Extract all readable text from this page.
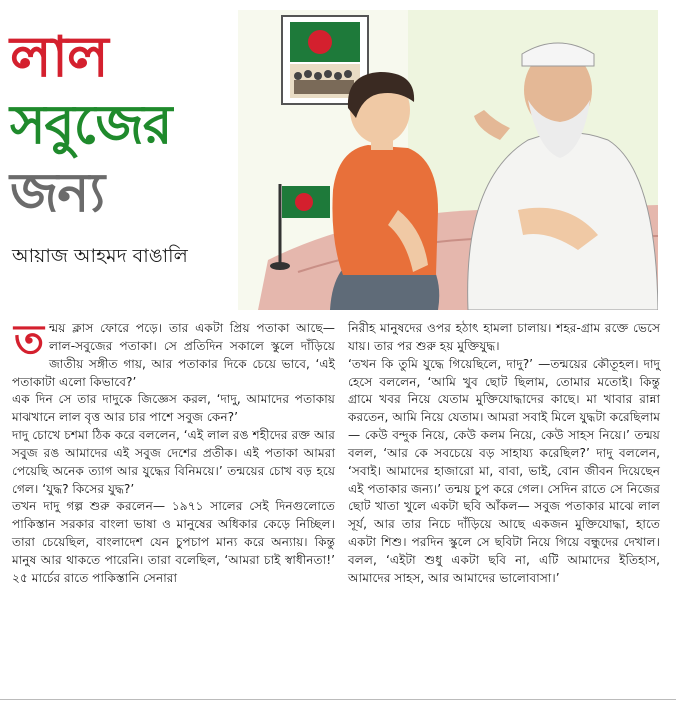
লাল
সবুজের
জন্য
আয়াজ আহমদ বাঙালি
ত ন্ময় ক্লাস ফোরে পড়ে। তার একটা প্রিয় পতাকা আছে— লাল-সবুজের পতাকা। সে প্রতিদিন সকালে স্কুলে দাঁড়িয়ে জাতীয় সঙ্গীত গায়, আর পতাকার দিকে চেয়ে ভাবে, ‘এই পতাকাটা এলো কিভাবে?’

এক দিন সে তার দাদুকে জিজ্ঞেস করল, ‘দাদু, আমাদের পতাকায় মাঝখানে লাল বৃত্ত আর চার পাশে সবুজ কেন?’

দাদু চোখে চশমা ঠিক করে বললেন, ‘এই লাল রঙ শহীদের রক্ত আর সবুজ রঙ আমাদের এই সবুজ দেশের প্রতীক। এই পতাকা আমরা পেয়েছি অনেক ত্যাগ আর যুদ্ধের বিনিময়ে।’ তন্ময়ের চোখ বড় হয়ে গেল। ‘যুদ্ধ? কিসের যুদ্ধ?’

তখন দাদু গল্প শুরু করলেন— ১৯৭১ সালের সেই দিনগুলোতে পাকিস্তান সরকার বাংলা ভাষা ও মানুষের অধিকার কেড়ে নিচ্ছিল। তারা চেয়েছিল, বাংলাদেশ যেন চুপচাপ মান্য করে অন্যায়। কিন্তু মানুষ আর থাকতে পারেনি। তারা বলেছিল, ‘আমরা চাই স্বাধীনতা!’ ২৫ মার্চের রাতে পাকিস্তানি সেনারা

নিরীহ মানুষদের ওপর হঠাৎ হামলা চালায়। শহর-গ্রাম রক্তে ভেসে যায়। তার পর শুরু হয় মুক্তিযুদ্ধ।

‘তখন কি তুমি যুদ্ধে গিয়েছিলে, দাদু?’ —তন্ময়ের কৌতূহল। দাদু হেসে বললেন, ‘আমি খুব ছোট ছিলাম, তোমার মতোই। কিন্তু গ্রামে খবর নিয়ে যেতাম মুক্তিযোদ্ধাদের কাছে। মা খাবার রান্না করতেন, আমি নিয়ে যেতাম। আমরা সবাই মিলে যুদ্ধটা করেছিলাম— কেউ বন্দুক নিয়ে, কেউ কলম নিয়ে, কেউ সাহস নিয়ে।’ তন্ময় বলল, ‘আর কে সবচেয়ে বড় সাহায্য করেছিল?’ দাদু বললেন, ‘সবাই। আমাদের হাজারো মা, বাবা, ভাই, বোন জীবন দিয়েছেন এই পতাকার জন্য।’ তন্ময় চুপ করে গেল। সেদিন রাতে সে নিজের ছোট খাতা খুলে একটা ছবি আঁকল— সবুজ পতাকার মাঝে লাল সূর্য, আর তার নিচে দাঁড়িয়ে আছে একজন মুক্তিযোদ্ধা, হাতে একটা শিশু। পরদিন স্কুলে সে ছবিটা নিয়ে গিয়ে বন্ধুদের দেখাল। বলল, ‘এইটা শুধু একটা ছবি না, এটি আমাদের ইতিহাস, আমাদের সাহস, আর আমাদের ভালোবাসা।’
